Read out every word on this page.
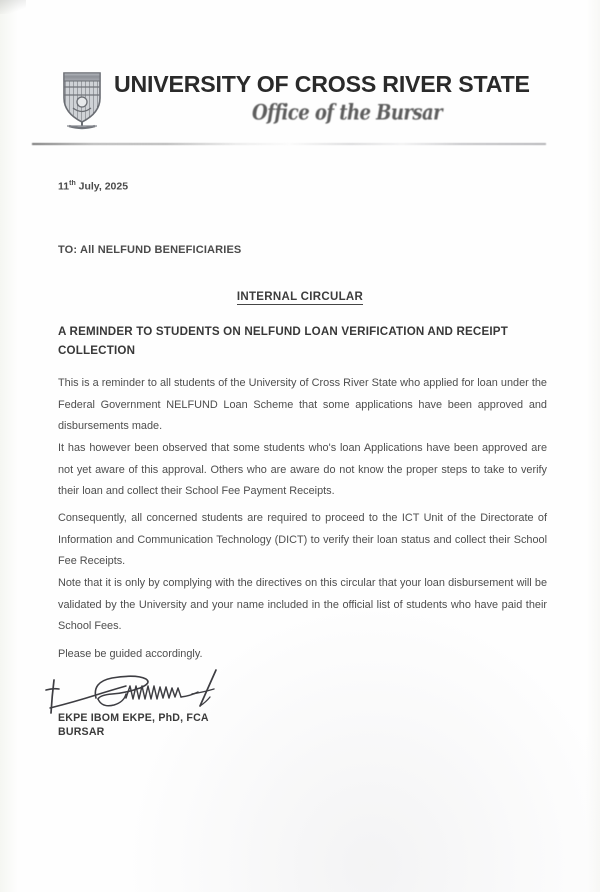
UNIVERSITY OF CROSS RIVER STATE
Office of the Bursar
11th July, 2025
TO: All NELFUND BENEFICIARIES
INTERNAL CIRCULAR
A REMINDER TO STUDENTS ON NELFUND LOAN VERIFICATION AND RECEIPT COLLECTION
This is a reminder to all students of the University of Cross River State who applied for loan under the Federal Government NELFUND Loan Scheme that some applications have been approved and disbursements made.
It has however been observed that some students who's loan Applications have been approved are not yet aware of this approval. Others who are aware do not know the proper steps to take to verify their loan and collect their School Fee Payment Receipts.
Consequently, all concerned students are required to proceed to the ICT Unit of the Directorate of Information and Communication Technology (DICT) to verify their loan status and collect their School Fee Receipts.
Note that it is only by complying with the directives on this circular that your loan disbursement will be validated by the University and your name included in the official list of students who have paid their School Fees.
Please be guided accordingly.
EKPE IBOM EKPE, PhD, FCA
BURSAR
